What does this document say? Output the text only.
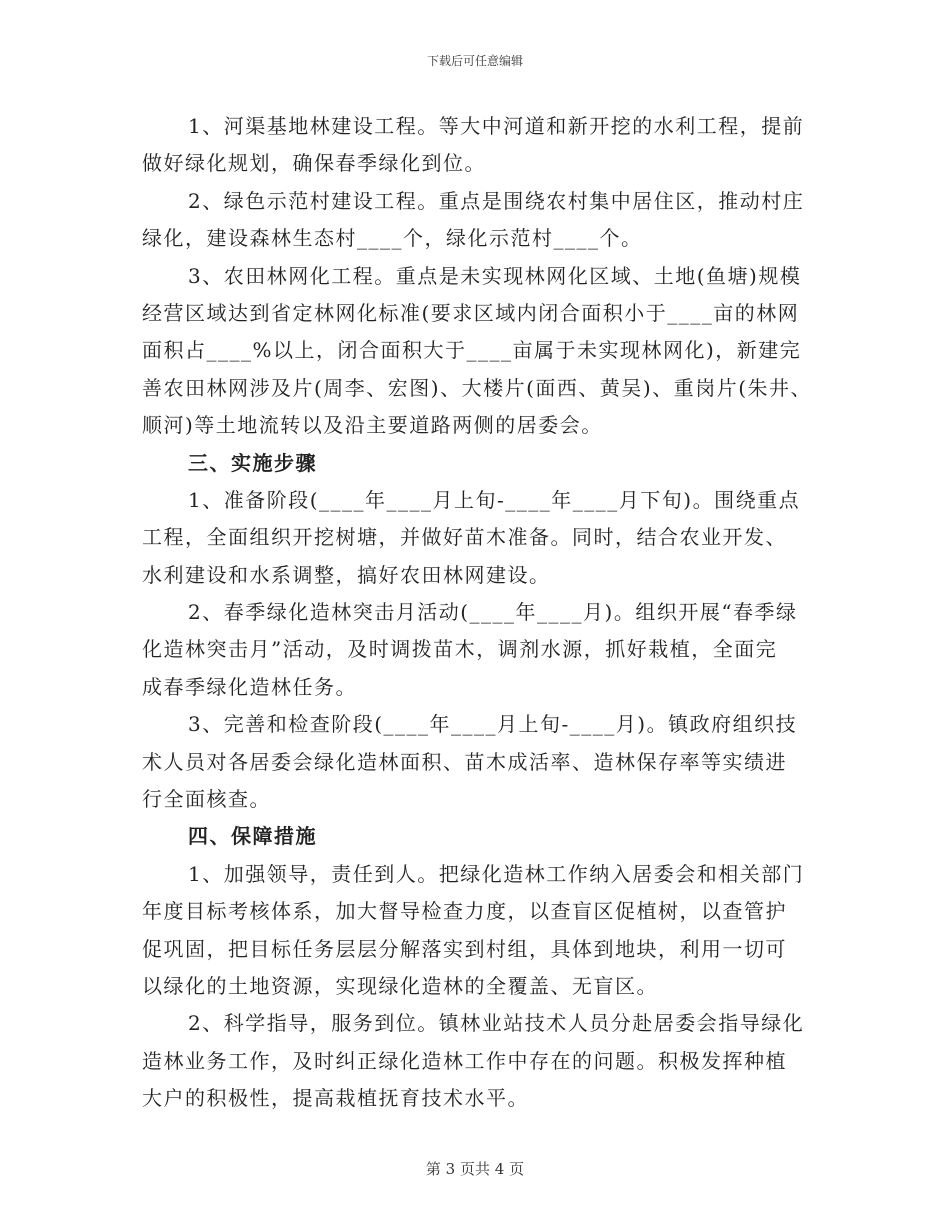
下载后可任意编辑
1、河渠基地林建设工程。等大中河道和新开挖的水利工程，提前
做好绿化规划，确保春季绿化到位。
2、绿色示范村建设工程。重点是围绕农村集中居住区，推动村庄
绿化，建设森林生态村____个，绿化示范村____个。
3、农田林网化工程。重点是未实现林网化区域、土地(鱼塘)规模
经营区域达到省定林网化标准(要求区域内闭合面积小于____亩的林网
面积占____%以上，闭合面积大于____亩属于未实现林网化)，新建完
善农田林网涉及片(周李、宏图)、大楼片(面西、黄吴)、重岗片(朱井、
顺河)等土地流转以及沿主要道路两侧的居委会。
三、实施步骤
1、准备阶段(____年____月上旬-____年____月下旬)。围绕重点
工程，全面组织开挖树塘，并做好苗木准备。同时，结合农业开发、
水利建设和水系调整，搞好农田林网建设。
2、春季绿化造林突击月活动(____年____月)。组织开展“春季绿
化造林突击月”活动，及时调拨苗木，调剂水源，抓好栽植，全面完
成春季绿化造林任务。
3、完善和检查阶段(____年____月上旬-____月)。镇政府组织技
术人员对各居委会绿化造林面积、苗木成活率、造林保存率等实绩进
行全面核查。
四、保障措施
1、加强领导，责任到人。把绿化造林工作纳入居委会和相关部门
年度目标考核体系，加大督导检查力度，以查盲区促植树，以查管护
促巩固，把目标任务层层分解落实到村组，具体到地块，利用一切可
以绿化的土地资源，实现绿化造林的全覆盖、无盲区。
2、科学指导，服务到位。镇林业站技术人员分赴居委会指导绿化
造林业务工作，及时纠正绿化造林工作中存在的问题。积极发挥种植
大户的积极性，提高栽植抚育技术水平。
第 3 页共 4 页
